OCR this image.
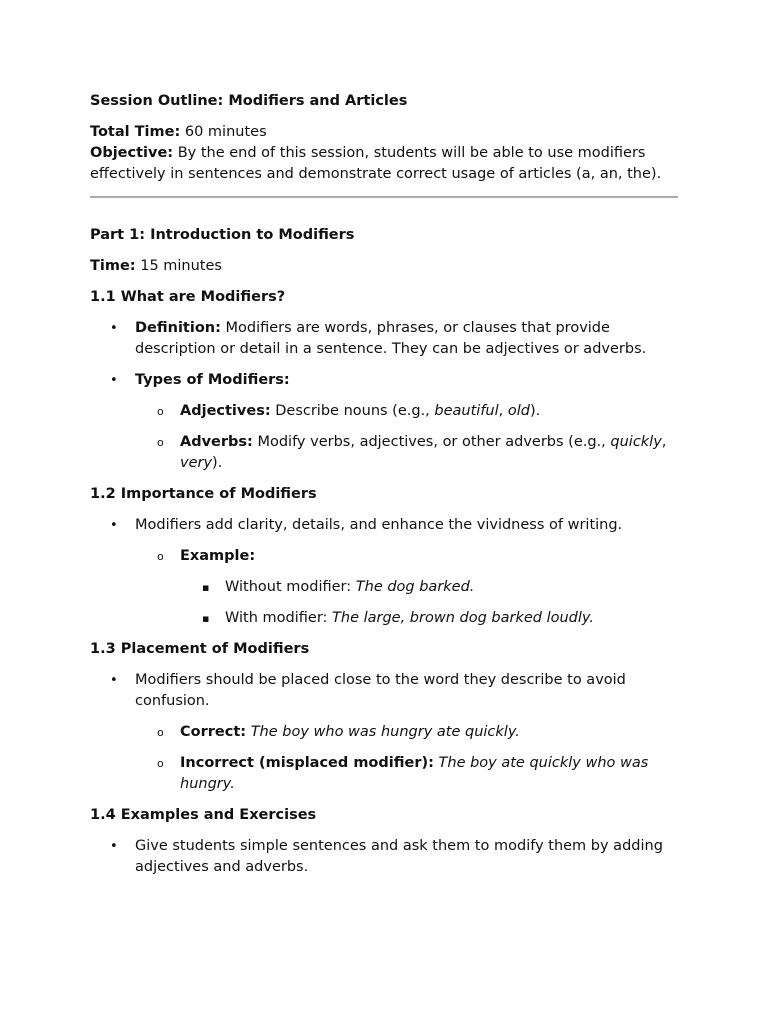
Session Outline: Modifiers and Articles

Total Time: 60 minutes

Objective: By the end of this session, students will be able to use modifiers effectively in sentences and demonstrate correct usage of articles (a, an, the).

Part 1: Introduction to Modifiers

Time: 15 minutes

1.1 What are Modifiers?

• Definition: Modifiers are words, phrases, or clauses that provide description or detail in a sentence. They can be adjectives or adverbs.
• Types of Modifiers:
o Adjectives: Describe nouns (e.g., beautiful, old).
o Adverbs: Modify verbs, adjectives, or other adverbs (e.g., quickly, very).

1.2 Importance of Modifiers

• Modifiers add clarity, details, and enhance the vividness of writing.
o Example:
▪ Without modifier: The dog barked.
▪ With modifier: The large, brown dog barked loudly.

1.3 Placement of Modifiers

• Modifiers should be placed close to the word they describe to avoid confusion.
o Correct: The boy who was hungry ate quickly.
o Incorrect (misplaced modifier): The boy ate quickly who was hungry.

1.4 Examples and Exercises

• Give students simple sentences and ask them to modify them by adding adjectives and adverbs.
